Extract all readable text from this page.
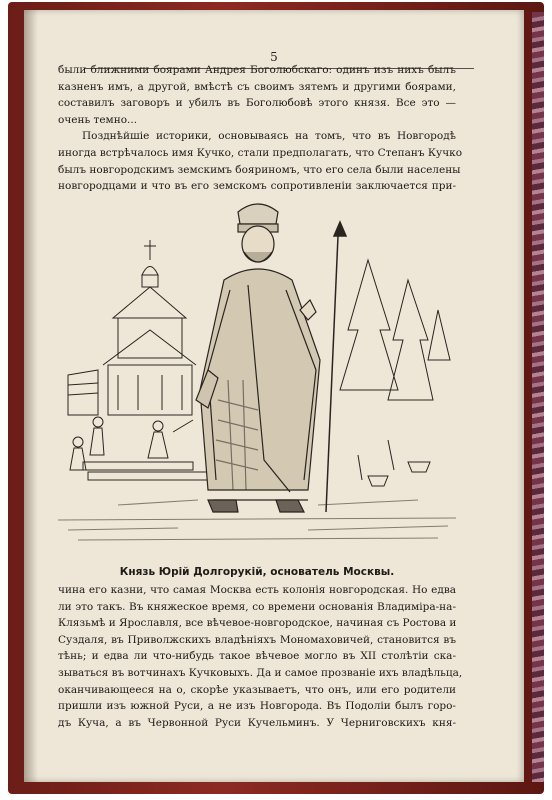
5
были ближними боярами Андрея Боголюбскаго: одинъ изъ нихъ былъ
казненъ имъ, а другой, вмѣстѣ съ своимъ зятемъ и другими боярами,
составилъ заговоръ и убилъ въ Боголюбовѣ этого князя. Все это —
очень темно...
Позднѣйшіе историки, основываясь на томъ, что въ Новгородѣ
иногда встрѣчалось имя Кучко, стали предполагать, что Степанъ Кучко
былъ новгородскимъ земскимъ бояриномъ, что его села были населены
новгородцами и что въ его земскомъ сопротивленіи заключается при-
Князь Юрій Долгорукій, основатель Москвы.
чина его казни, что самая Москва есть колонія новгородская. Но едва
ли это такъ. Въ княжеское время, со времени основанія Владиміра-на-
Клязьмѣ и Ярославля, все вѣчевое-новгородское, начиная съ Ростова и
Суздаля, въ Приволжскихъ владѣніяхъ Мономаховичей, становится въ
тѣнь; и едва ли что-нибудь такое вѣчевое могло въ XII столѣтіи ска-
зываться въ вотчинахъ Кучковыхъ. Да и самое прозваніе ихъ владѣльца,
оканчивающееся на о, скорѣе указываетъ, что онъ, или его родители
пришли изъ южной Руси, а не изъ Новгорода. Въ Подоліи былъ горо-
дъ Куча, а въ Червонной Руси Кучельминъ. У Черниговскихъ кня-
